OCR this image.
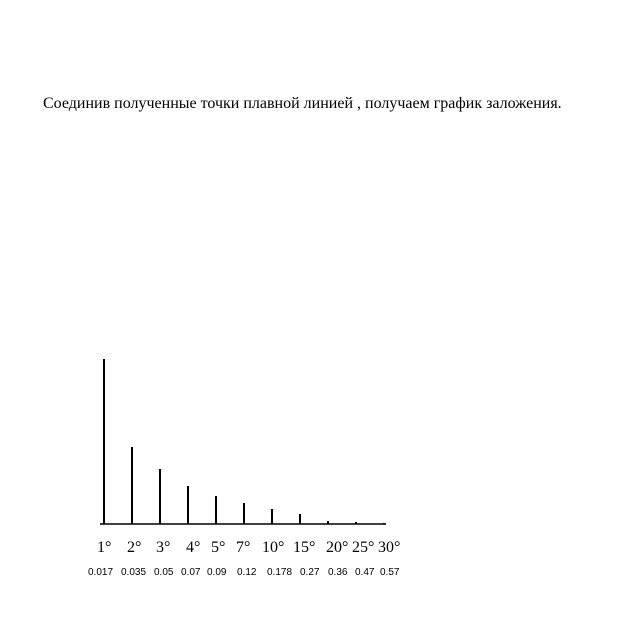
Соединив полученные точки плавной линией , получаем график заложения.
1° 2° 3° 4° 5° 7° 10° 15° 20° 25° 30°
0.017 0.035 0.05 0.07 0.09 0.12 0.178 0.27 0.36 0.47 0.57
